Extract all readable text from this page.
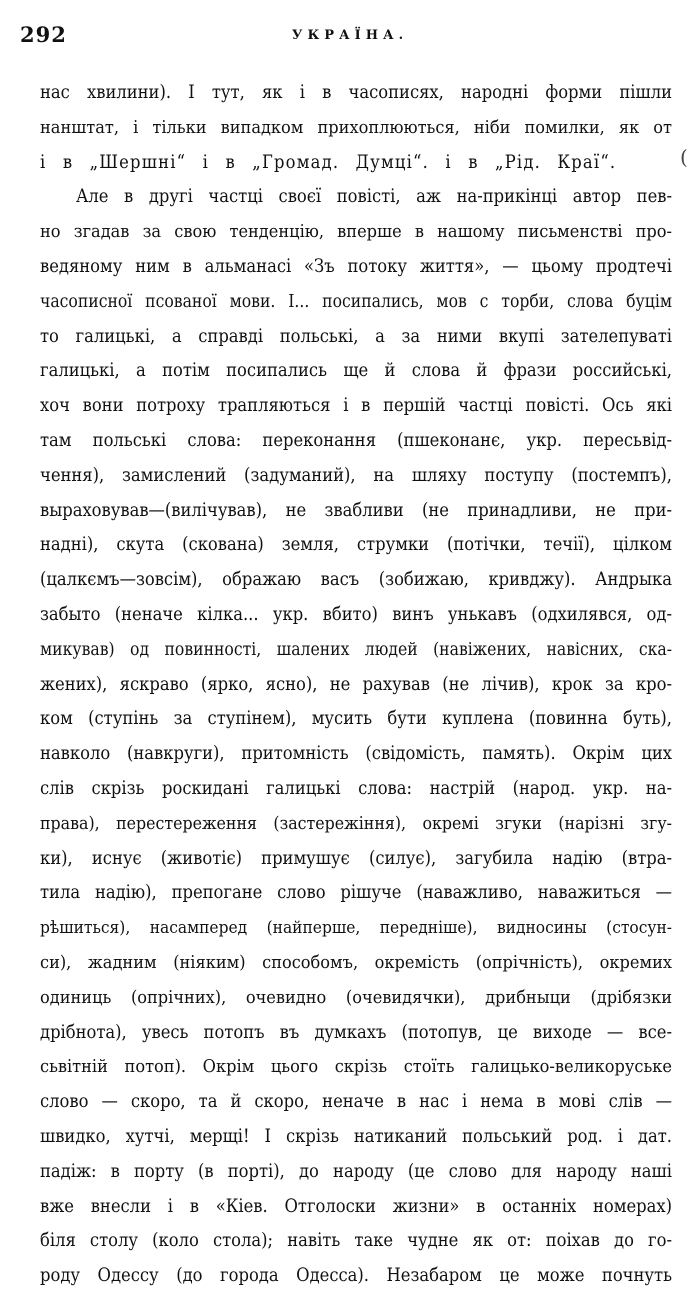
292	УКРАЇНА.
(
нас хвилини). І тут, як і в часописях, народні форми пішли
нанштат, і тільки випадком прихоплюються, ніби помилки, як от
і в „Шершні“ і в „Громад. Думці“. і в „Рід. Краї“.
Але в другі частці своєї повісті, аж на-прикінці автор пев-
но згадав за свою тенденцію, вперше в нашому письменстві про-
ведяному ним в альманасі «Зъ потоку життя», — цьому продтечі
часописної псованої мови. І... посипались, мов с торби, слова буцім
то галицькі, а справді польські, а за ними вкупі зателепуваті
галицькі, а потім посипались ще й слова й фрази российські,
хоч вони потроху трапляються і в першій частці повісті. Ось які
там польські слова: переконання (пшеконанє, укр. пересьвід-
чення), замислений (задуманий), на шляху поступу (постемпъ),
выраховував—(вилічував), не звабливи (не принадливи, не при-
надні), скута (скована) земля, струмки (потічки, течії), цілком
(цалкємъ—зовсім), ображаю васъ (зобижаю, кривджу). Андрыка
забыто (неначе кілка... укр. вбито) винъ унькавъ (одхилявся, од-
микував) од повинності, шалених людей (навіжених, навісних, ска-
жених), яскраво (ярко, ясно), не рахував (не лічив), крок за кро-
ком (ступінь за ступінем), мусить бути куплена (повинна буть),
навколо (навкруги), притомність (свідомість, память). Окрім цих
слів скрізь роскидані галицькі слова: настрій (народ. укр. на-
права), перестереження (застережіння), окремі згуки (нарізні згу-
ки), иснує (животіє) примушує (силує), загубила надію (втра-
тила надію), препогане слово рішуче (наважливо, наважиться —
рѣшиться), насамперед (найперше, передніше), видносины (стосун-
си), жадним (ніяким) способомъ, окремість (опрічність), окремих
одиниць (опрічних), очевидно (очевидячки), дрибныци (дрібязки
дрібнота), увесь потопъ въ думкахъ (потопув, це виходе — все-
сьвітній потоп). Окрім цього скрізь стоїть галицько-великоруське
слово — скоро, та й скоро, неначе в нас і нема в мові слів —
швидко, хутчі, мерщі! І скрізь натиканий польський род. і дат.
падіж: в порту (в порті), до народу (це слово для народу наші
вже внесли і в «Кіев. Отголоски жизни» в останніх номерах)
біля столу (коло стола); навіть таке чудне як от: поіхав до го-
роду Одессу (до города Одесса). Незабаром це може почнуть
